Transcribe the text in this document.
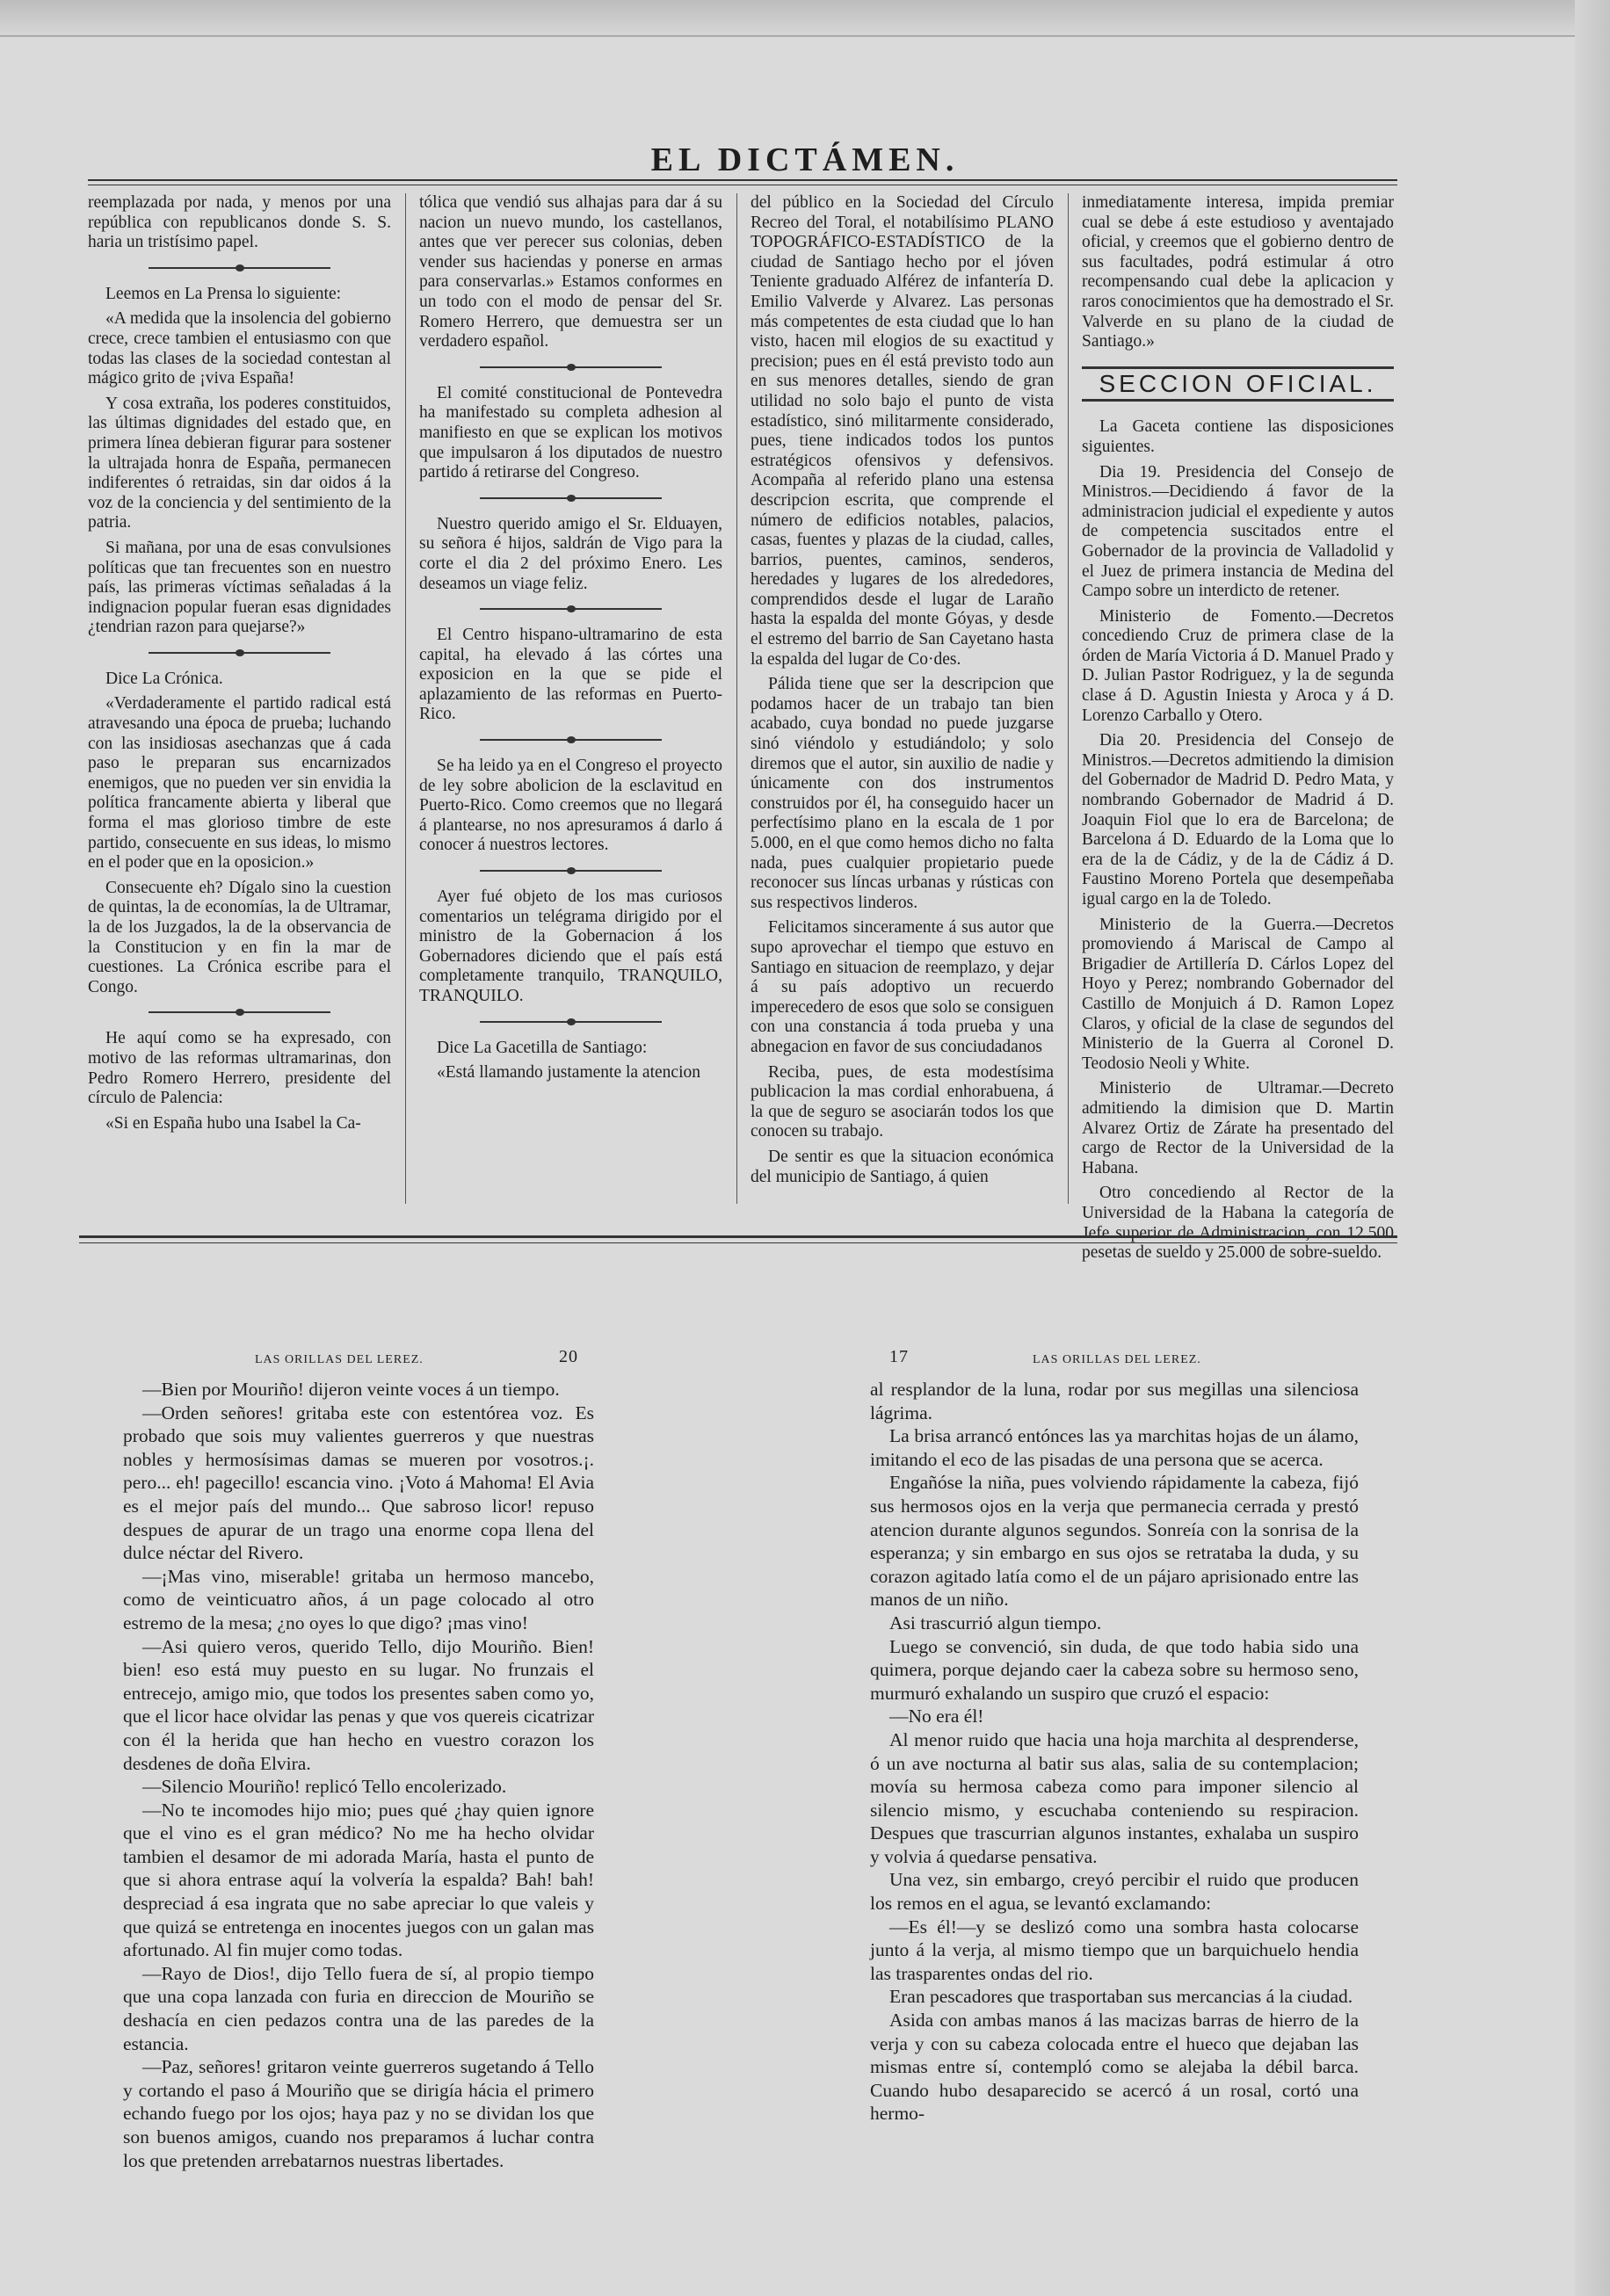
EL DICTÁMEN.

reemplazada por nada, y menos por una república con republicanos donde S. S. haria un tristísimo papel.

Leemos en La Prensa lo siguiente:

«A medida que la insolencia del gobierno crece, crece tambien el entusiasmo con que todas las clases de la sociedad contestan al mágico grito de ¡viva España!

Y cosa extraña, los poderes constituidos, las últimas dignidades del estado que, en primera línea debieran figurar para sostener la ultrajada honra de España, permanecen indiferentes ó retraidas, sin dar oidos á la voz de la conciencia y del sentimiento de la patria.

Si mañana, por una de esas convulsiones políticas que tan frecuentes son en nuestro país, las primeras víctimas señaladas á la indignacion popular fueran esas dignidades ¿tendrian razon para quejarse?»

Dice La Crónica.

«Verdaderamente el partido radical está atravesando una época de prueba; luchando con las insidiosas asechanzas que á cada paso le preparan sus encarnizados enemigos, que no pueden ver sin envidia la política francamente abierta y liberal que forma el mas glorioso timbre de este partido, consecuente en sus ideas, lo mismo en el poder que en la oposicion.»

Consecuente eh? Dígalo sino la cuestion de quintas, la de economías, la de Ultramar, la de los Juzgados, la de la observancia de la Constitucion y en fin la mar de cuestiones. La Crónica escribe para el Congo.

He aquí como se ha expresado, con motivo de las reformas ultramarinas, don Pedro Romero Herrero, presidente del círculo de Palencia:

«Si en España hubo una Isabel la Ca-

tólica que vendió sus alhajas para dar á su nacion un nuevo mundo, los castellanos, antes que ver perecer sus colonias, deben vender sus haciendas y ponerse en armas para conservarlas.» Estamos conformes en un todo con el modo de pensar del Sr. Romero Herrero, que demuestra ser un verdadero español.

El comité constitucional de Pontevedra ha manifestado su completa adhesion al manifiesto en que se explican los motivos que impulsaron á los diputados de nuestro partido á retirarse del Congreso.

Nuestro querido amigo el Sr. Elduayen, su señora é hijos, saldrán de Vigo para la corte el dia 2 del próximo Enero. Les deseamos un viage feliz.

El Centro hispano-ultramarino de esta capital, ha elevado á las córtes una exposicion en la que se pide el aplazamiento de las reformas en Puerto-Rico.

Se ha leido ya en el Congreso el proyecto de ley sobre abolicion de la esclavitud en Puerto-Rico. Como creemos que no llegará á plantearse, no nos apresuramos á darlo á conocer á nuestros lectores.

Ayer fué objeto de los mas curiosos comentarios un telégrama dirigido por el ministro de la Gobernacion á los Gobernadores diciendo que el país está completamente tranquilo, TRANQUILO, TRANQUILO.

Dice La Gacetilla de Santiago:

«Está llamando justamente la atencion

del público en la Sociedad del Círculo Recreo del Toral, el notabilísimo PLANO TOPOGRÁFICO-ESTADÍSTICO de la ciudad de Santiago hecho por el jóven Teniente graduado Alférez de infantería D. Emilio Valverde y Alvarez. Las personas más competentes de esta ciudad que lo han visto, hacen mil elogios de su exactitud y precision; pues en él está previsto todo aun en sus menores detalles, siendo de gran utilidad no solo bajo el punto de vista estadístico, sinó militarmente considerado, pues, tiene indicados todos los puntos estratégicos ofensivos y defensivos. Acompaña al referido plano una estensa descripcion escrita, que comprende el número de edificios notables, palacios, casas, fuentes y plazas de la ciudad, calles, barrios, puentes, caminos, senderos, heredades y lugares de los alrededores, comprendidos desde el lugar de Laraño hasta la espalda del monte Góyas, y desde el estremo del barrio de San Cayetano hasta la espalda del lugar de Co·des.

Pálida tiene que ser la descripcion que podamos hacer de un trabajo tan bien acabado, cuya bondad no puede juzgarse sinó viéndolo y estudiándolo; y solo diremos que el autor, sin auxilio de nadie y únicamente con dos instrumentos construidos por él, ha conseguido hacer un perfectísimo plano en la escala de 1 por 5.000, en el que como hemos dicho no falta nada, pues cualquier propietario puede reconocer sus líncas urbanas y rústicas con sus respectivos linderos.

Felicitamos sinceramente á sus autor que supo aprovechar el tiempo que estuvo en Santiago en situacion de reemplazo, y dejar á su país adoptivo un recuerdo imperecedero de esos que solo se consiguen con una constancia á toda prueba y una abnegacion en favor de sus conciudadanos

Reciba, pues, de esta modestísima publicacion la mas cordial enhorabuena, á la que de seguro se asociarán todos los que conocen su trabajo.

De sentir es que la situacion económica del municipio de Santiago, á quien

inmediatamente interesa, impida premiar cual se debe á este estudioso y aventajado oficial, y creemos que el gobierno dentro de sus facultades, podrá estimular á otro recompensando cual debe la aplicacion y raros conocimientos que ha demostrado el Sr. Valverde en su plano de la ciudad de Santiago.»

SECCION OFICIAL.

La Gaceta contiene las disposiciones siguientes.

Dia 19. Presidencia del Consejo de Ministros.—Decidiendo á favor de la administracion judicial el expediente y autos de competencia suscitados entre el Gobernador de la provincia de Valladolid y el Juez de primera instancia de Medina del Campo sobre un interdicto de retener.

Ministerio de Fomento.—Decretos concediendo Cruz de primera clase de la órden de María Victoria á D. Manuel Prado y D. Julian Pastor Rodriguez, y la de segunda clase á D. Agustin Iniesta y Aroca y á D. Lorenzo Carballo y Otero.

Dia 20. Presidencia del Consejo de Ministros.—Decretos admitiendo la dimision del Gobernador de Madrid D. Pedro Mata, y nombrando Gobernador de Madrid á D. Joaquin Fiol que lo era de Barcelona; de Barcelona á D. Eduardo de la Loma que lo era de la de Cádiz, y de la de Cádiz á D. Faustino Moreno Portela que desempeñaba igual cargo en la de Toledo.

Ministerio de la Guerra.—Decretos promoviendo á Mariscal de Campo al Brigadier de Artillería D. Cárlos Lopez del Hoyo y Perez; nombrando Gobernador del Castillo de Monjuich á D. Ramon Lopez Claros, y oficial de la clase de segundos del Ministerio de la Guerra al Coronel D. Teodosio Neoli y White.

Ministerio de Ultramar.—Decreto admitiendo la dimision que D. Martin Alvarez Ortiz de Zárate ha presentado del cargo de Rector de la Universidad de la Habana.

Otro concediendo al Rector de la Universidad de la Habana la categoría de Jefe superior de Administracion, con 12.500 pesetas de sueldo y 25.000 de sobre-sueldo.

LAS ORILLAS DEL LEREZ.	20	17	LAS ORILLAS DEL LEREZ.

—Bien por Mouriño! dijeron veinte voces á un tiempo.

—Orden señores! gritaba este con estentórea voz. Es probado que sois muy valientes guerreros y que nuestras nobles y hermosísimas damas se mueren por vosotros.¡. pero... eh! pagecillo! escancia vino. ¡Voto á Mahoma! El Avia es el mejor país del mundo... Que sabroso licor! repuso despues de apurar de un trago una enorme copa llena del dulce néctar del Rivero.

—¡Mas vino, miserable! gritaba un hermoso mancebo, como de veinticuatro años, á un page colocado al otro estremo de la mesa; ¿no oyes lo que digo? ¡mas vino!

—Asi quiero veros, querido Tello, dijo Mouriño. Bien! bien! eso está muy puesto en su lugar. No frunzais el entrecejo, amigo mio, que todos los presentes saben como yo, que el licor hace olvidar las penas y que vos quereis cicatrizar con él la herida que han hecho en vuestro corazon los desdenes de doña Elvira.

—Silencio Mouriño! replicó Tello encolerizado.

—No te incomodes hijo mio; pues qué ¿hay quien ignore que el vino es el gran médico? No me ha hecho olvidar tambien el desamor de mi adorada María, hasta el punto de que si ahora entrase aquí la volvería la espalda? Bah! bah! despreciad á esa ingrata que no sabe apreciar lo que valeis y que quizá se entretenga en inocentes juegos con un galan mas afortunado. Al fin mujer como todas.

—Rayo de Dios!, dijo Tello fuera de sí, al propio tiempo que una copa lanzada con furia en direccion de Mouriño se deshacía en cien pedazos contra una de las paredes de la estancia.

—Paz, señores! gritaron veinte guerreros sugetando á Tello y cortando el paso á Mouriño que se dirigía hácia el primero echando fuego por los ojos; haya paz y no se dividan los que son buenos amigos, cuando nos preparamos á luchar contra los que pretenden arrebatarnos nuestras libertades.

al resplandor de la luna, rodar por sus megillas una silenciosa lágrima.

La brisa arrancó entónces las ya marchitas hojas de un álamo, imitando el eco de las pisadas de una persona que se acerca.

Engañóse la niña, pues volviendo rápidamente la cabeza, fijó sus hermosos ojos en la verja que permanecia cerrada y prestó atencion durante algunos segundos. Sonreía con la sonrisa de la esperanza; y sin embargo en sus ojos se retrataba la duda, y su corazon agitado latía como el de un pájaro aprisionado entre las manos de un niño.

Asi trascurrió algun tiempo.

Luego se convenció, sin duda, de que todo habia sido una quimera, porque dejando caer la cabeza sobre su hermoso seno, murmuró exhalando un suspiro que cruzó el espacio:

—No era él!

Al menor ruido que hacia una hoja marchita al desprenderse, ó un ave nocturna al batir sus alas, salia de su contemplacion; movía su hermosa cabeza como para imponer silencio al silencio mismo, y escuchaba conteniendo su respiracion. Despues que trascurrian algunos instantes, exhalaba un suspiro y volvia á quedarse pensativa.

Una vez, sin embargo, creyó percibir el ruido que producen los remos en el agua, se levantó exclamando:

—Es él!—y se deslizó como una sombra hasta colocarse junto á la verja, al mismo tiempo que un barquichuelo hendia las trasparentes ondas del rio.

Eran pescadores que trasportaban sus mercancias á la ciudad.

Asida con ambas manos á las macizas barras de hierro de la verja y con su cabeza colocada entre el hueco que dejaban las mismas entre sí, contempló como se alejaba la débil barca. Cuando hubo desaparecido se acercó á un rosal, cortó una hermo-
